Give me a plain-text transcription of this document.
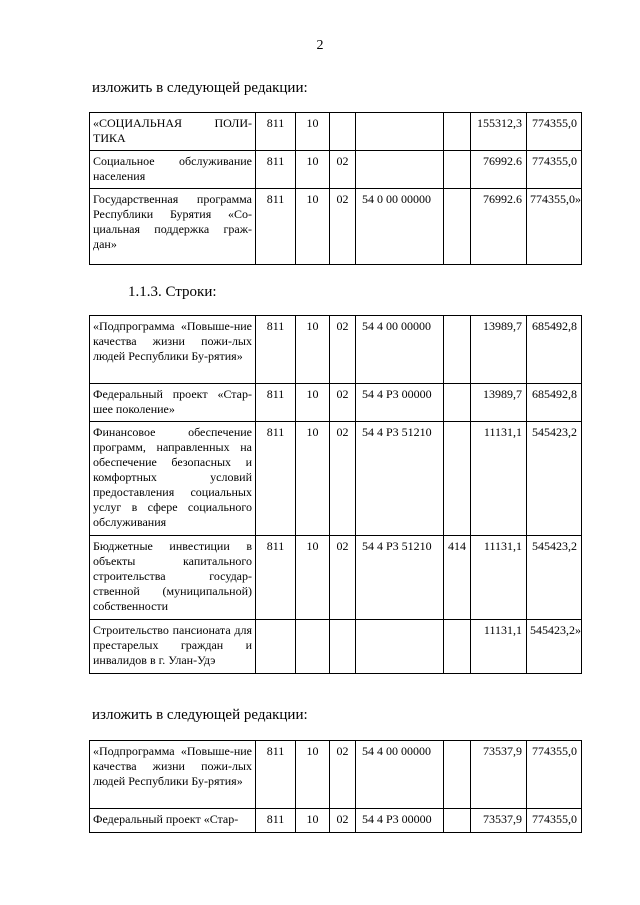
2
изложить в следующей редакции:
«СОЦИАЛЬНАЯ ПОЛИ-ТИКА	811	10				155312,3	774355,0
Социальное обслуживание населения	811	10	02			76992.6	774355,0
Государственная программа Республики Бурятия «Со-циальная поддержка граж-дан»	811	10	02	54 0 00 00000		76992.6	774355,0»
1.1.3. Строки:
«Подпрограмма «Повыше-ние качества жизни пожи-лых людей Республики Бу-рятия»	811	10	02	54 4 00 00000		13989,7	685492,8
Федеральный проект «Стар-шее поколение»	811	10	02	54 4 P3 00000		13989,7	685492,8
Финансовое обеспечение программ, направленных на обеспечение безопасных и комфортных условий предоставления социальных услуг в сфере социального обслуживания	811	10	02	54 4 P3 51210		11131,1	545423,2
Бюджетные инвестиции в объекты капитального строительства государ-ственной (муниципальной) собственности	811	10	02	54 4 P3 51210	414	11131,1	545423,2
Строительство пансионата для престарелых граждан и инвалидов в г. Улан-Удэ						11131,1	545423,2»
изложить в следующей редакции:
«Подпрограмма «Повыше-ние качества жизни пожи-лых людей Республики Бу-рятия»	811	10	02	54 4 00 00000		73537,9	774355,0
Федеральный проект «Стар-	811	10	02	54 4 P3 00000		73537,9	774355,0
